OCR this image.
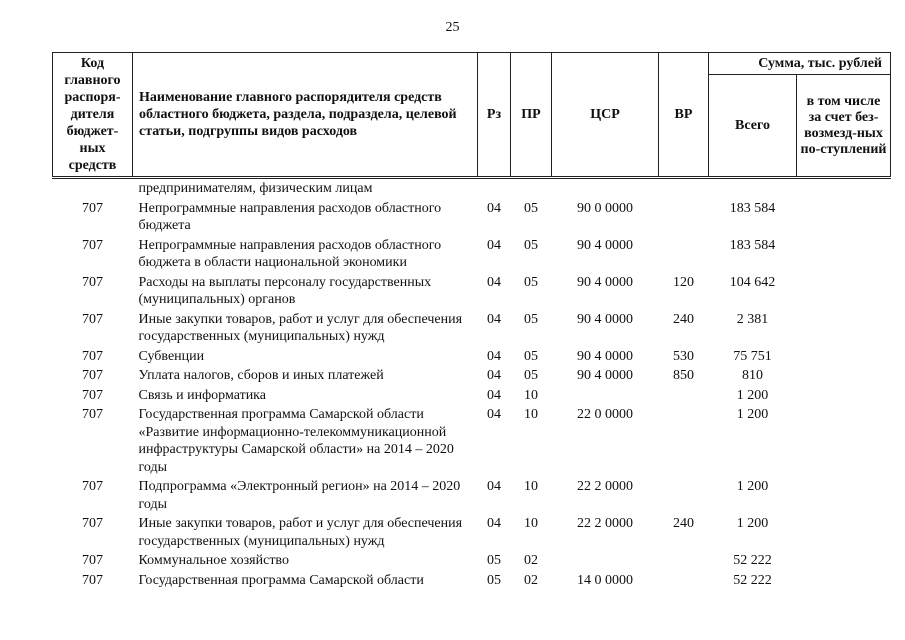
25
Код главного распоря-дителя бюджет-ных средств	Наименование главного распорядителя средств областного бюджета, раздела, подраздела, целевой статьи, подгруппы видов расходов	Рз	ПР	ЦСР	ВР	Сумма, тыс. рублей	
						Всего	в том числе за счет без-возмезд-ных по-ступлений
	предпринимателям, физическим лицам						
707	Непрограммные направления расходов областного бюджета	04	05	90 0 0000		183 584	
707	Непрограммные направления расходов областного бюджета в области национальной экономики	04	05	90 4 0000		183 584	
707	Расходы на выплаты персоналу государственных (муниципальных) органов	04	05	90 4 0000	120	104 642	
707	Иные закупки товаров, работ и услуг для обеспечения государственных (муниципальных) нужд	04	05	90 4 0000	240	2 381	
707	Субвенции	04	05	90 4 0000	530	75 751	
707	Уплата налогов, сборов и иных платежей	04	05	90 4 0000	850	810	
707	Связь и информатика	04	10			1 200	
707	Государственная программа Самарской области «Развитие информационно-телекоммуникационной инфраструктуры Самарской области» на 2014 – 2020 годы	04	10	22 0 0000		1 200	
707	Подпрограмма «Электронный регион» на 2014 – 2020 годы	04	10	22 2 0000		1 200	
707	Иные закупки товаров, работ и услуг для обеспечения государственных (муниципальных) нужд	04	10	22 2 0000	240	1 200	
707	Коммунальное хозяйство	05	02			52 222	
707	Государственная программа Самарской области	05	02	14 0 0000		52 222	
